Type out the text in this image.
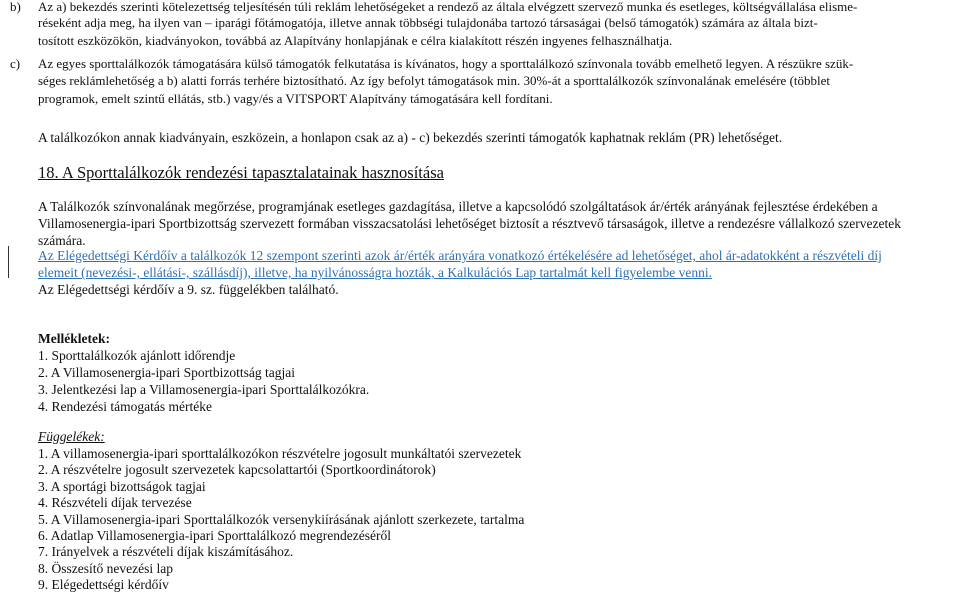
b) Az a) bekezdés szerinti kötelezettség teljesítésén túli reklám lehetőségeket a rendező az általa elvégzett szervező munka és esetleges, költségvállalása elisme-
réseként adja meg, ha ilyen van – iparági főtámogatója, illetve annak többségi tulajdonába tartozó társaságai (belső támogatók) számára az általa bizt-
tosított eszközökön, kiadványokon, továbbá az Alapítvány honlapjának e célra kialakított részén ingyenes felhasználhatja.
c) Az egyes sporttalálkozók támogatására külső támogatók felkutatása is kívánatos, hogy a sporttalálkozó színvonala tovább emelhető legyen. A részükre szük-
séges reklámlehetőség a b) alatti forrás terhére biztosítható. Az így befolyt támogatások min. 30%-át a sporttalálkozók színvonalának emelésére (többlet
programok, emelt szintű ellátás, stb.) vagy/és a VITSPORT Alapítvány támogatására kell fordítani.
A találkozókon annak kiadványain, eszközein, a honlapon csak az a) - c) bekezdés szerinti támogatók kaphatnak reklám (PR) lehetőséget.
18. A Sporttalálkozók rendezési tapasztalatainak hasznosítása
A Találkozók színvonalának megőrzése, programjának esetleges gazdagítása, illetve a kapcsolódó szolgáltatások ár/érték arányának fejlesztése érdekében a
Villamosenergia-ipari Sportbizottság szervezett formában visszacsatolási lehetőséget biztosít a résztvevő társaságok, illetve a rendezésre vállalkozó szervezetek
számára.
Az Elégedettségi Kérdőív a találkozók 12 szempont szerinti azok ár/érték arányára vonatkozó értékelésére ad lehetőséget, ahol ár-adatokként a részvételi díj
elemeit (nevezési-, ellátási-, szállásdíj), illetve, ha nyilvánosságra hozták, a Kalkulációs Lap tartalmát kell figyelembe venni.
Az Elégedettségi kérdőív a 9. sz. függelékben található.
Mellékletek:
1. Sporttalálkozók ajánlott időrendje
2. A Villamosenergia-ipari Sportbizottság tagjai
3. Jelentkezési lap a Villamosenergia-ipari Sporttalálkozókra.
4. Rendezési támogatás mértéke
Függelékek:
1. A villamosenergia-ipari sporttalálkozókon részvételre jogosult munkáltatói szervezetek
2. A részvételre jogosult szervezetek kapcsolattartói (Sportkoordinátorok)
3. A sportági bizottságok tagjai
4. Részvételi díjak tervezése
5. A Villamosenergia-ipari Sporttalálkozók versenykiírásának ajánlott szerkezete, tartalma
6. Adatlap Villamosenergia-ipari Sporttalálkozó megrendezéséről
7. Irányelvek a részvételi díjak kiszámításához.
8. Összesítő nevezési lap
9. Elégedettségi kérdőív
